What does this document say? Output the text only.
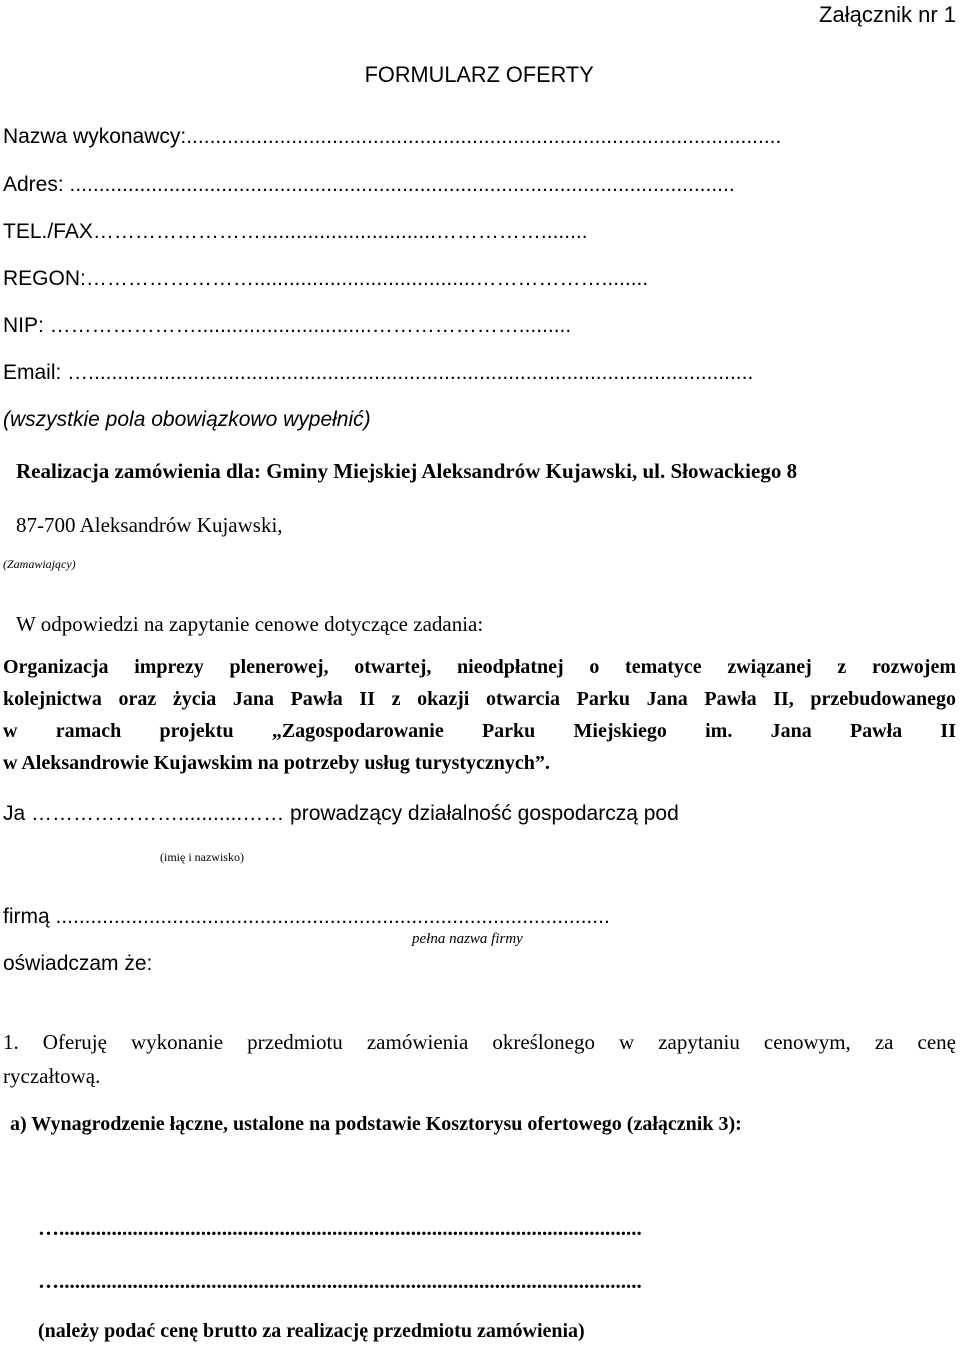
Załącznik nr 1
FORMULARZ OFERTY
Nazwa wykonawcy:......................................................................................................
Adres: ..................................................................................................................
TEL./FAX……………………..............................……………........
REGON:……………………......................................………………........
NIP: …………………..............................………………….........
Email: …..................................................................................................................
(wszystkie pola obowiązkowo wypełnić)
Realizacja zamówienia dla: Gminy Miejskiej Aleksandrów Kujawski, ul. Słowackiego 8
87-700 Aleksandrów Kujawski,
(Zamawiający)
W odpowiedzi na zapytanie cenowe dotyczące zadania:
Organizacja imprezy plenerowej, otwartej, nieodpłatnej o tematyce związanej z rozwojem
kolejnictwa oraz życia Jana Pawła II z okazji otwarcia Parku Jana Pawła II, przebudowanego
w ramach projektu „Zagospodarowanie Parku Miejskiego im. Jana Pawła II
w Aleksandrowie Kujawskim na potrzeby usług turystycznych”.
Ja …………………...........…… prowadzący działalność gospodarczą pod
(imię i nazwisko)
firmą ...............................................................................................
pełna nazwa firmy
oświadczam że:
1. Oferuję wykonanie przedmiotu zamówienia określonego w zapytaniu cenowym, za cenę
ryczałtową.
a) Wynagrodzenie łączne, ustalone na podstawie Kosztorysu ofertowego (załącznik 3):
…...............................................................................................................
…...............................................................................................................
(należy podać cenę brutto za realizację przedmiotu zamówienia)
